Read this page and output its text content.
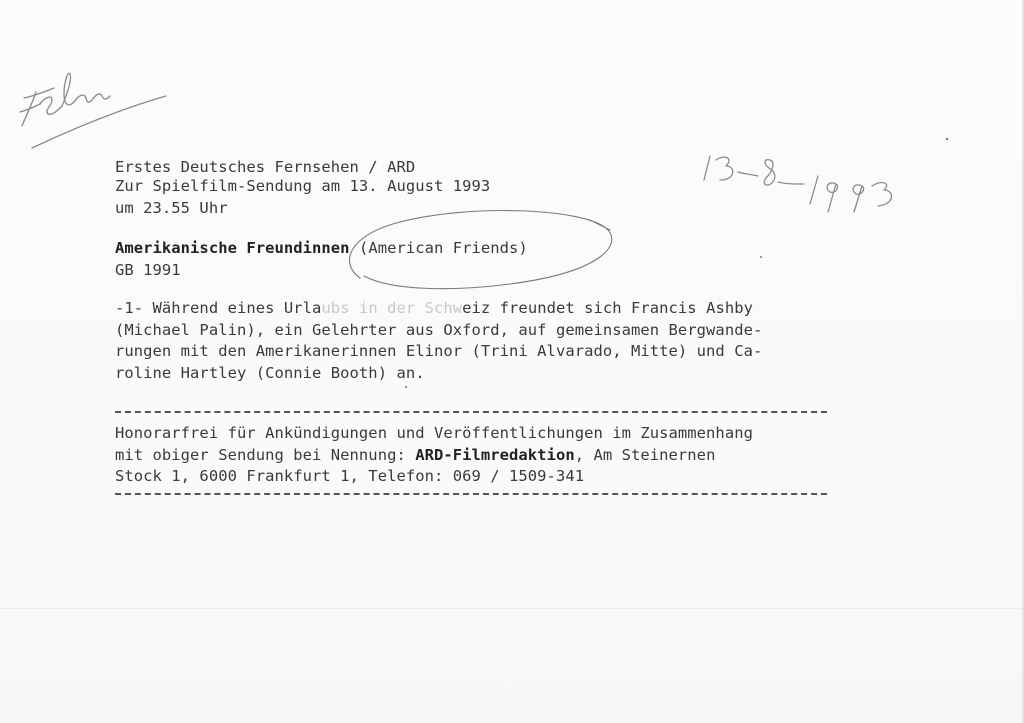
Erstes Deutsches Fernsehen / ARD

Zur Spielfilm-Sendung am 13. August 1993
um 23.55 Uhr

Amerikanische Freundinnen (American Friends)
GB 1991

-1- Während eines Urlaubs in der Schweiz freundet sich Francis Ashby
(Michael Palin), ein Gelehrter aus Oxford, auf gemeinsamen Bergwande-
rungen mit den Amerikanerinnen Elinor (Trini Alvarado, Mitte) und Ca-
roline Hartley (Connie Booth) an.

Honorarfrei für Ankündigungen und Veröffentlichungen im Zusammenhang
mit obiger Sendung bei Nennung: ARD-Filmredaktion, Am Steinernen
Stock 1, 6000 Frankfurt 1, Telefon: 069 / 1509-341
